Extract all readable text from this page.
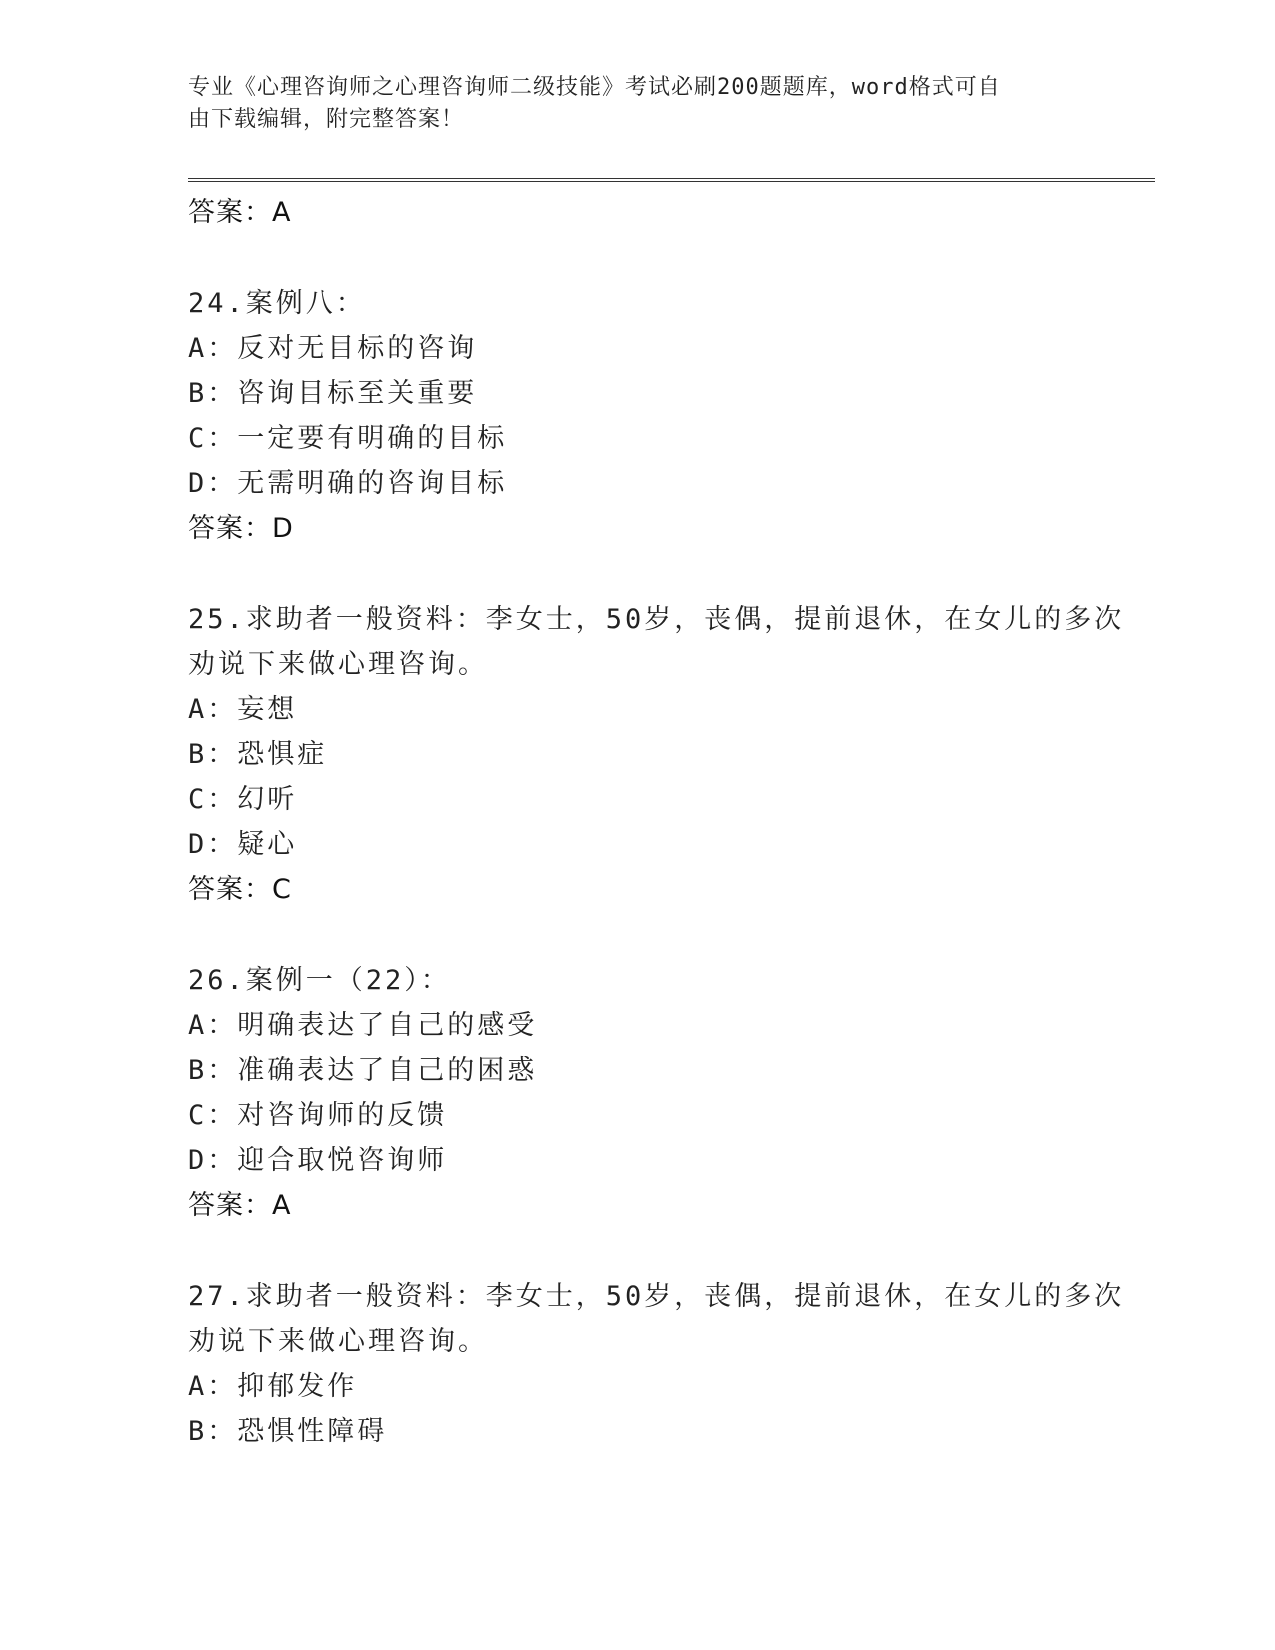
专业《心理咨询师之心理咨询师二级技能》考试必刷200题题库，word格式可自
由下载编辑，附完整答案！
答案：A
24.案例八：
A：反对无目标的咨询
B：咨询目标至关重要
C：一定要有明确的目标
D：无需明确的咨询目标
答案：D
25.求助者一般资料：李女士，50岁，丧偶，提前退休，在女儿的多次
劝说下来做心理咨询。
A：妄想
B：恐惧症
C：幻听
D：疑心
答案：C
26.案例一（22）：
A：明确表达了自己的感受
B：准确表达了自己的困惑
C：对咨询师的反馈
D：迎合取悦咨询师
答案：A
27.求助者一般资料：李女士，50岁，丧偶，提前退休，在女儿的多次
劝说下来做心理咨询。
A：抑郁发作
B：恐惧性障碍
